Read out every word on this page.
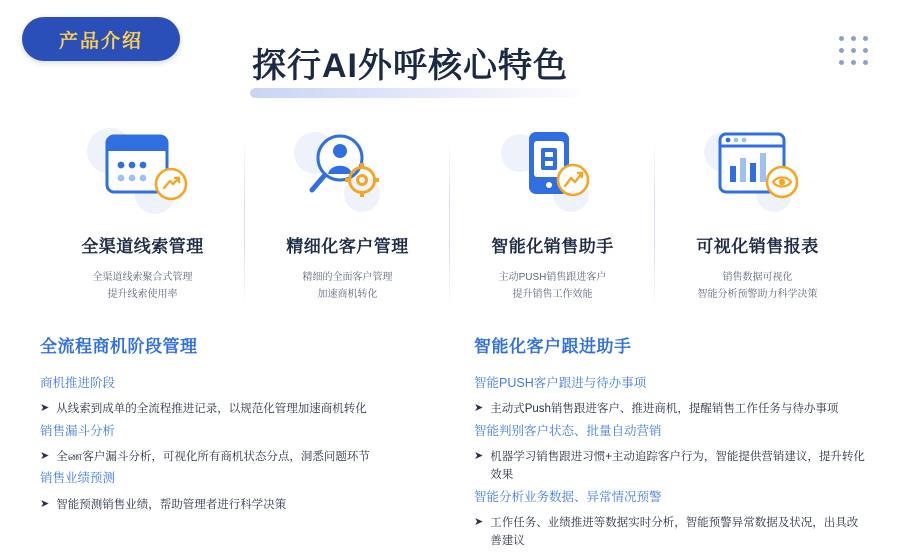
产品介绍
探行AI外呼核心特色
全渠道线索管理
全渠道线索聚合式管理
提升线索使用率
精细化客户管理
精细的全面客户管理
加速商机转化
智能化销售助手
主动PUSH销售跟进客户
提升销售工作效能
可视化销售报表
销售数据可视化
智能分析预警助力科学决策
全流程商机阶段管理
商机推进阶段
➤ 从线索到成单的全流程推进记录，以规范化管理加速商机转化
销售漏斗分析
➤ 全ண客户漏斗分析，可视化所有商机状态分点，洞悉问题环节
销售业绩预测
➤ 智能预测销售业绩，帮助管理者进行科学决策
智能化客户跟进助手
智能PUSH客户跟进与待办事项
➤ 主动式Push销售跟进客户、推进商机，提醒销售工作任务与待办事项
智能判别客户状态、批量自动营销
➤ 机器学习销售跟进习惯+主动追踪客户行为，智能提供营销建议，提升转化效果
智能分析业务数据、异常情况预警
➤ 工作任务、业绩推进等数据实时分析，智能预警异常数据及状况，出具改善建议
